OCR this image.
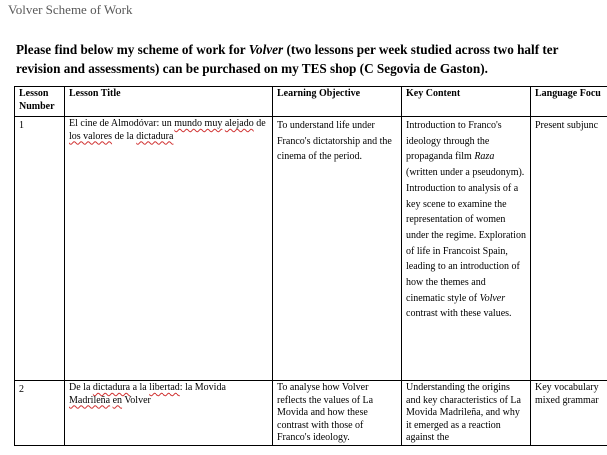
Volver Scheme of Work
Please find below my scheme of work for Volver (two lessons per week studied across two half ter
revision and assessments) can be purchased on my TES shop (C Segovia de Gaston).
Lesson
Number	Lesson Title	Learning Objective	Key Content	Language Focu
1	El cine de Almodóvar: un mundo muy alejado de los valores de la dictadura	To understand life under Franco's dictatorship and the cinema of the period.	Introduction to Franco's ideology through the propaganda film Raza (written under a pseudonym). Introduction to analysis of a key scene to examine the representation of women under the regime. Exploration of life in Francoist Spain, leading to an introduction of how the themes and cinematic style of Volver contrast with these values.	Present subjunc
2	De la dictadura a la libertad: la Movida Madrileña en Volver	To analyse how Volver reflects the values of La Movida and how these contrast with those of Franco's ideology.	Understanding the origins and key characteristics of La Movida Madrileña, and why it emerged as a reaction against the	Key vocabulary
mixed grammar
